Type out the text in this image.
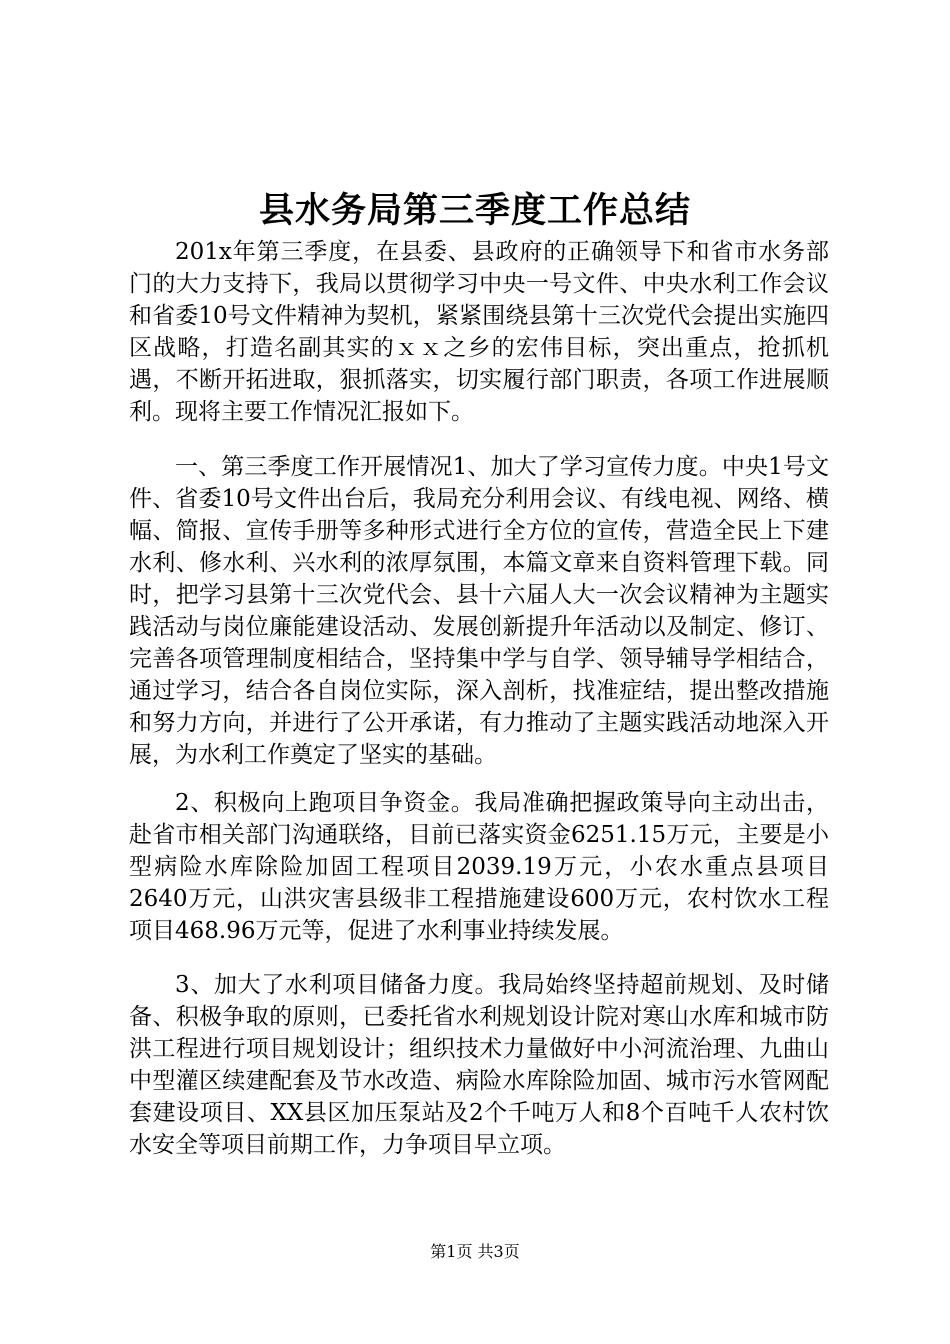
县水务局第三季度工作总结

201x年第三季度，在县委、县政府的正确领导下和省市水务部门的大力支持下，我局以贯彻学习中央一号文件、中央水利工作会议和省委10号文件精神为契机，紧紧围绕县第十三次党代会提出实施四区战略，打造名副其实的ｘｘ之乡的宏伟目标，突出重点，抢抓机遇，不断开拓进取，狠抓落实，切实履行部门职责，各项工作进展顺利。现将主要工作情况汇报如下。

一、第三季度工作开展情况1、加大了学习宣传力度。中央1号文件、省委10号文件出台后，我局充分利用会议、有线电视、网络、横幅、简报、宣传手册等多种形式进行全方位的宣传，营造全民上下建水利、修水利、兴水利的浓厚氛围，本篇文章来自资料管理下载。同时，把学习县第十三次党代会、县十六届人大一次会议精神为主题实践活动与岗位廉能建设活动、发展创新提升年活动以及制定、修订、完善各项管理制度相结合，坚持集中学与自学、领导辅导学相结合，通过学习，结合各自岗位实际，深入剖析，找准症结，提出整改措施和努力方向，并进行了公开承诺，有力推动了主题实践活动地深入开展，为水利工作奠定了坚实的基础。

2、积极向上跑项目争资金。我局准确把握政策导向主动出击，赴省市相关部门沟通联络，目前已落实资金6251.15万元，主要是小型病险水库除险加固工程项目2039.19万元，小农水重点县项目2640万元，山洪灾害县级非工程措施建设600万元，农村饮水工程项目468.96万元等，促进了水利事业持续发展。

3、加大了水利项目储备力度。我局始终坚持超前规划、及时储备、积极争取的原则，已委托省水利规划设计院对寒山水库和城市防洪工程进行项目规划设计；组织技术力量做好中小河流治理、九曲山中型灌区续建配套及节水改造、病险水库除险加固、城市污水管网配套建设项目、XX县区加压泵站及2个千吨万人和8个百吨千人农村饮水安全等项目前期工作，力争项目早立项。

第1页 共3页
